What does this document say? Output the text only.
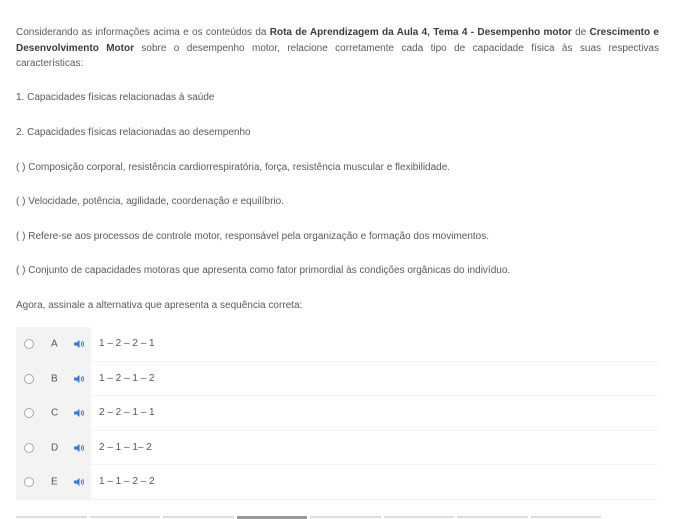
Considerando as informações acima e os conteúdos da Rota de Aprendizagem da Aula 4, Tema 4 - Desempenho motor de Crescimento e Desenvolvimento Motor sobre o desempenho motor, relacione corretamente cada tipo de capacidade física às suas respectivas características:
1. Capacidades físicas relacionadas à saúde
2. Capacidades físicas relacionadas ao desempenho
( ) Composição corporal, resistência cardiorrespiratória, força, resistência muscular e flexibilidade.
( ) Velocidade, potência, agilidade, coordenação e equilíbrio.
( ) Refere-se aos processos de controle motor, responsável pela organização e formação dos movimentos.
( ) Conjunto de capacidades motoras que apresenta como fator primordial às condições orgânicas do indivíduo.
Agora, assinale a alternativa que apresenta a sequência correta:
A	1 – 2 – 2 – 1
B	1 – 2 – 1 – 2
C	2 – 2 – 1 – 1
D	2 – 1 – 1– 2
E	1 – 1 – 2 – 2
